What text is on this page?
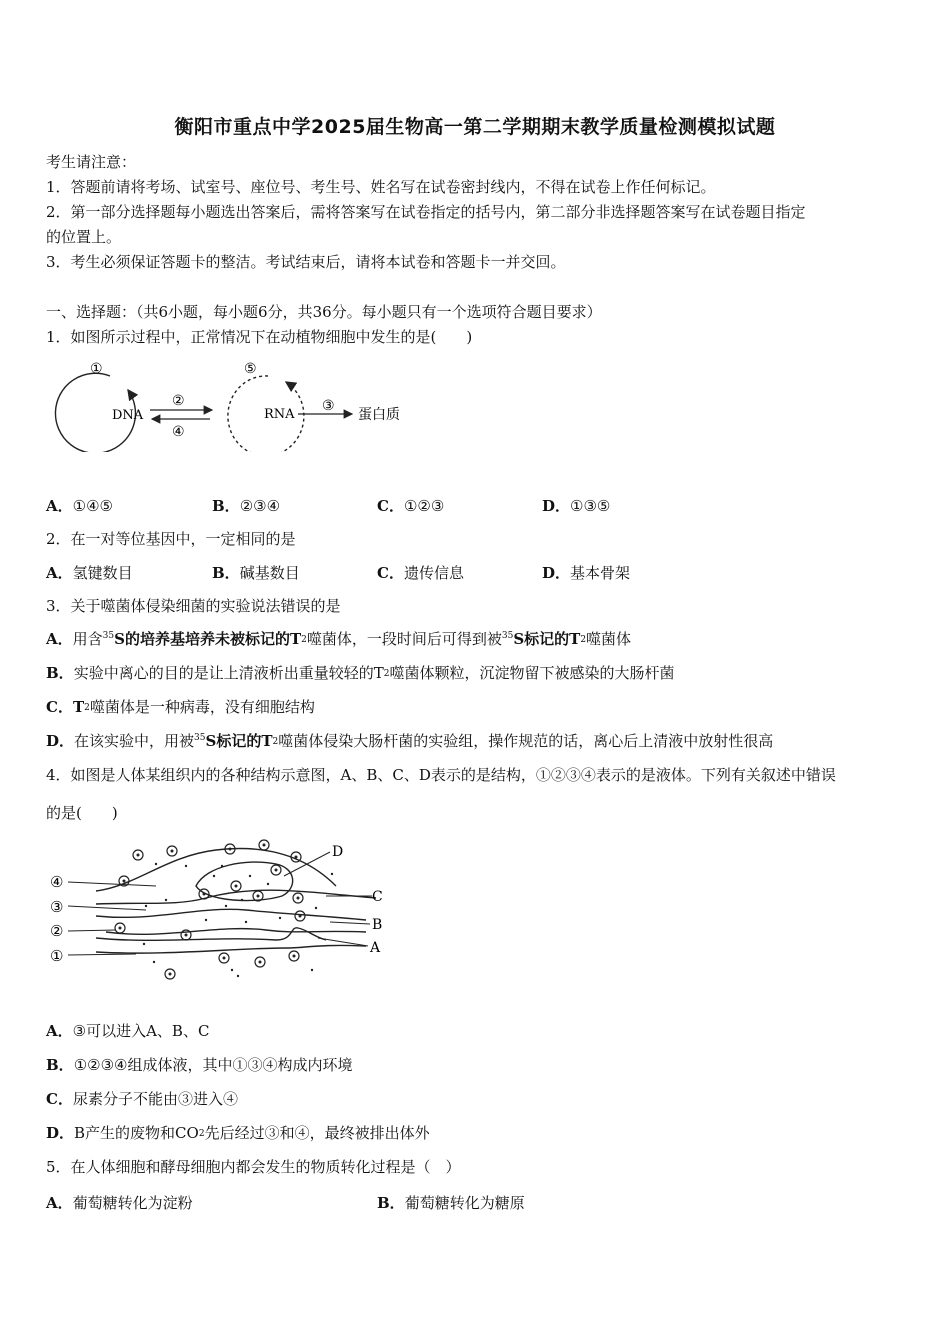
衡阳市重点中学2025届生物高一第二学期期末教学质量检测模拟试题
考生请注意：
1．答题前请将考场、试室号、座位号、考生号、姓名写在试卷密封线内，不得在试卷上作任何标记。
2．第一部分选择题每小题选出答案后，需将答案写在试卷指定的括号内，第二部分非选择题答案写在试卷题目指定
的位置上。
3．考生必须保证答题卡的整洁。考试结束后，请将本试卷和答题卡一并交回。
一、选择题：（共6小题，每小题6分，共36分。每小题只有一个选项符合题目要求）
1．如图所示过程中，正常情况下在动植物细胞中发生的是(　　)
①
DNA
②
④
⑤
RNA
③
蛋白质
A．①④⑤	B．②③④	C．①②③	D．①③⑤
2．在一对等位基因中，一定相同的是
A．氢键数目	B．碱基数目	C．遗传信息	D．基本骨架
3．关于噬菌体侵染细菌的实验说法错误的是
A．用含$^{35}$S的培养基培养未被标记的$T_2$噬菌体，一段时间后可得到被$^{35}$S标记的$T_2$噬菌体
B．实验中离心的目的是让上清液析出重量较轻的$T_2$噬菌体颗粒，沉淀物留下被感染的大肠杆菌
C．$T_2$噬菌体是一种病毒，没有细胞结构
D．在该实验中，用被$^{35}$S标记的$T_2$噬菌体侵染大肠杆菌的实验组，操作规范的话，离心后上清液中放射性很高
4．如图是人体某组织内的各种结构示意图，A、B、C、D表示的是结构，①②③④表示的是液体。下列有关叙述中错误
的是(　　)
④
③
②
①
D
C
B
A
A．③可以进入A、B、C
B．①②③④组成体液，其中①③④构成内环境
C．尿素分子不能由③进入④
D．B产生的废物和$CO_2$先后经过③和④，最终被排出体外
5．在人体细胞和酵母细胞内都会发生的物质转化过程是（　）
A．葡萄糖转化为淀粉	B．葡萄糖转化为糖原
